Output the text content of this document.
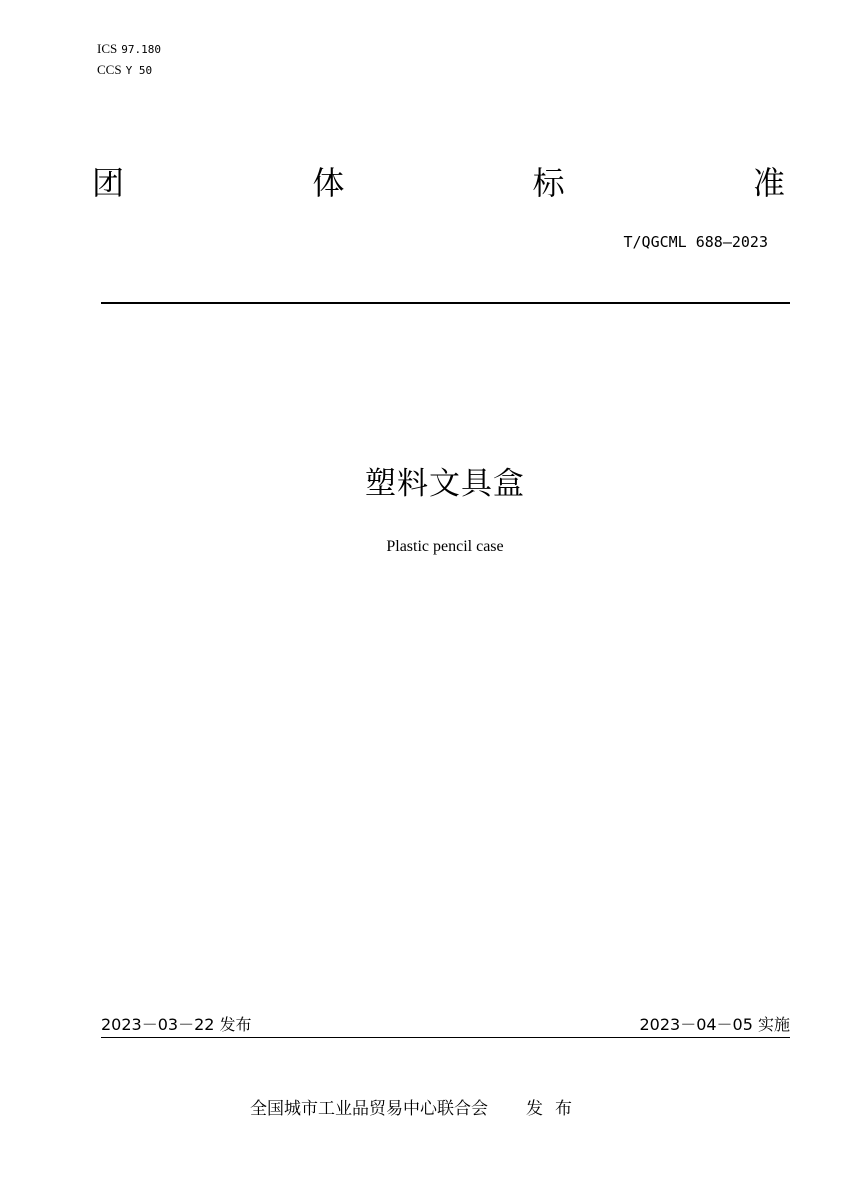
ICS 97.180
CCS Y 50
团	体	标	准
T/QGCML 688—2023
塑料文具盒
Plastic pencil case
2023－03－22 发布	2023－04－05 实施
全国城市工业品贸易中心联合会 发布
